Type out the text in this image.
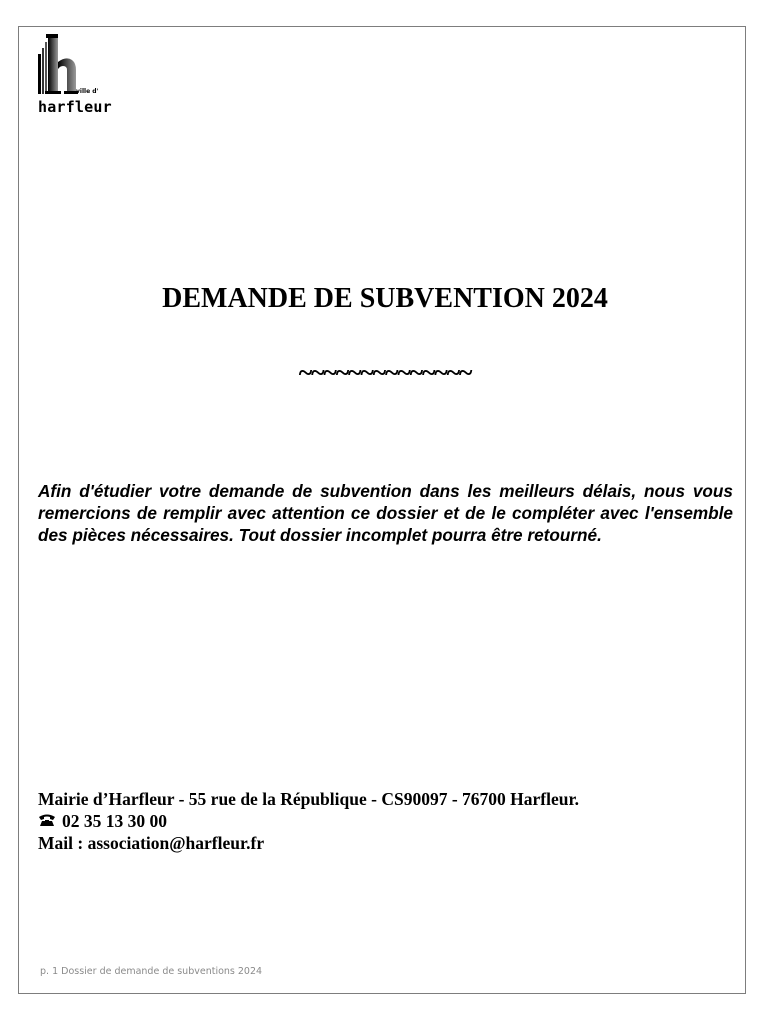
ville d'
harfleur
DEMANDE DE SUBVENTION 2024
~~~~~~~~~~~~~~
Afin d'étudier votre demande de subvention dans les meilleurs délais, nous vous remercions de remplir avec attention ce dossier et de le compléter avec l'ensemble des pièces nécessaires. Tout dossier incomplet pourra être retourné.
Mairie d’Harfleur - 55 rue de la République - CS90097 - 76700 Harfleur.
02 35 13 30 00
Mail : association@harfleur.fr
p. 1 Dossier de demande de subventions 2024
